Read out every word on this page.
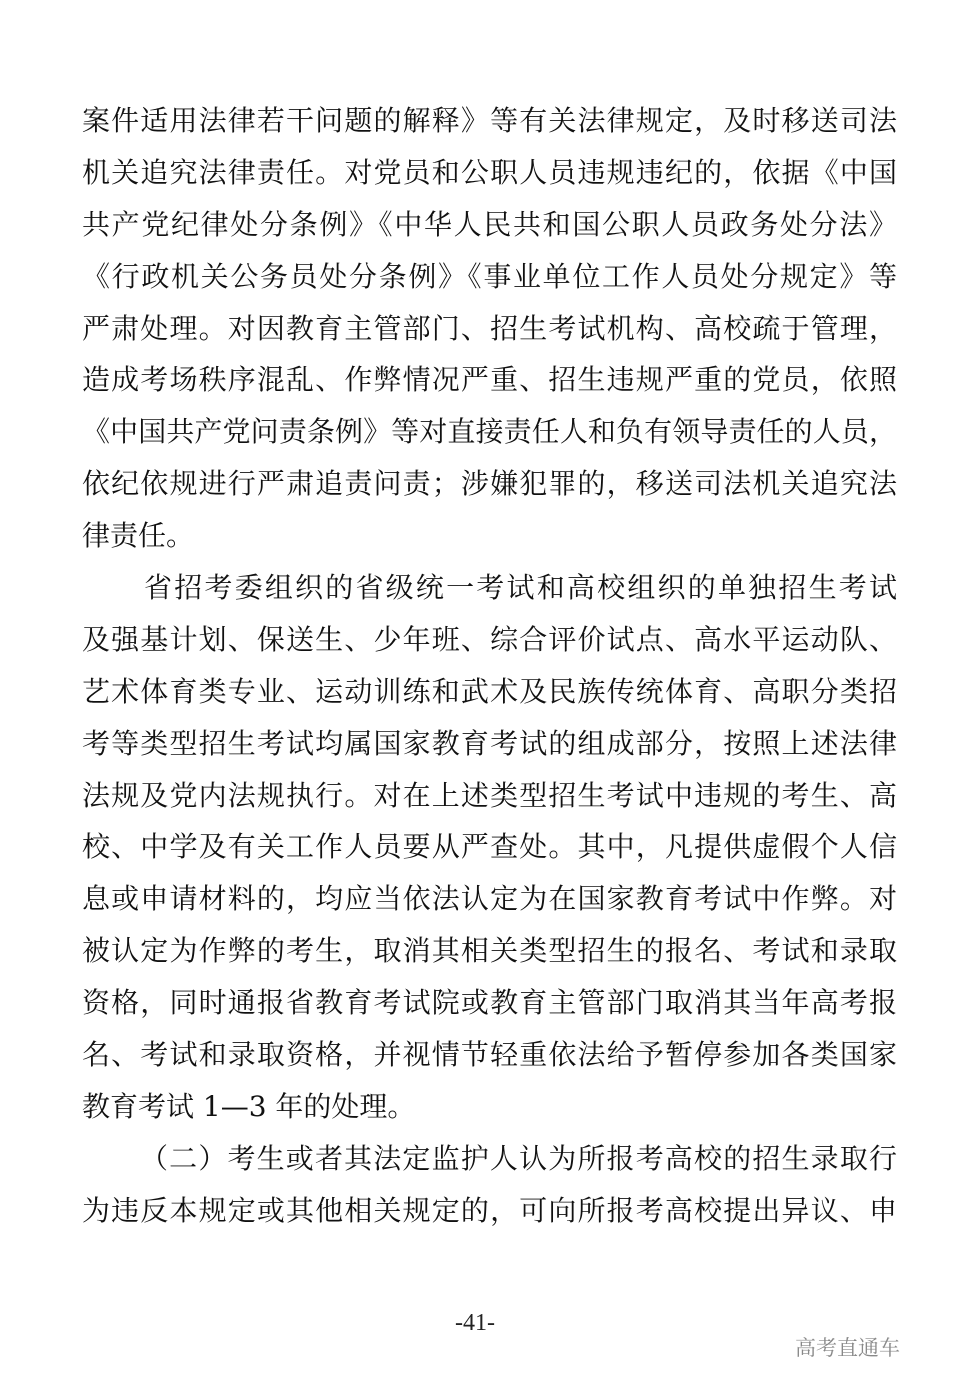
案件适用法律若干问题的解释》等有关法律规定，及时移送司法
机关追究法律责任。对党员和公职人员违规违纪的，依据《中国
共产党纪律处分条例》《中华人民共和国公职人员政务处分法》
《行政机关公务员处分条例》《事业单位工作人员处分规定》等
严肃处理。对因教育主管部门、招生考试机构、高校疏于管理，
造成考场秩序混乱、作弊情况严重、招生违规严重的党员，依照
《中国共产党问责条例》等对直接责任人和负有领导责任的人员，
依纪依规进行严肃追责问责；涉嫌犯罪的，移送司法机关追究法
律责任。
省招考委组织的省级统一考试和高校组织的单独招生考试
及强基计划、保送生、少年班、综合评价试点、高水平运动队、
艺术体育类专业、运动训练和武术及民族传统体育、高职分类招
考等类型招生考试均属国家教育考试的组成部分，按照上述法律
法规及党内法规执行。对在上述类型招生考试中违规的考生、高
校、中学及有关工作人员要从严查处。其中，凡提供虚假个人信
息或申请材料的，均应当依法认定为在国家教育考试中作弊。对
被认定为作弊的考生，取消其相关类型招生的报名、考试和录取
资格，同时通报省教育考试院或教育主管部门取消其当年高考报
名、考试和录取资格，并视情节轻重依法给予暂停参加各类国家
教育考试 1—3 年的处理。
（二）考生或者其法定监护人认为所报考高校的招生录取行
为违反本规定或其他相关规定的，可向所报考高校提出异议、申
-41-
高考直通车
